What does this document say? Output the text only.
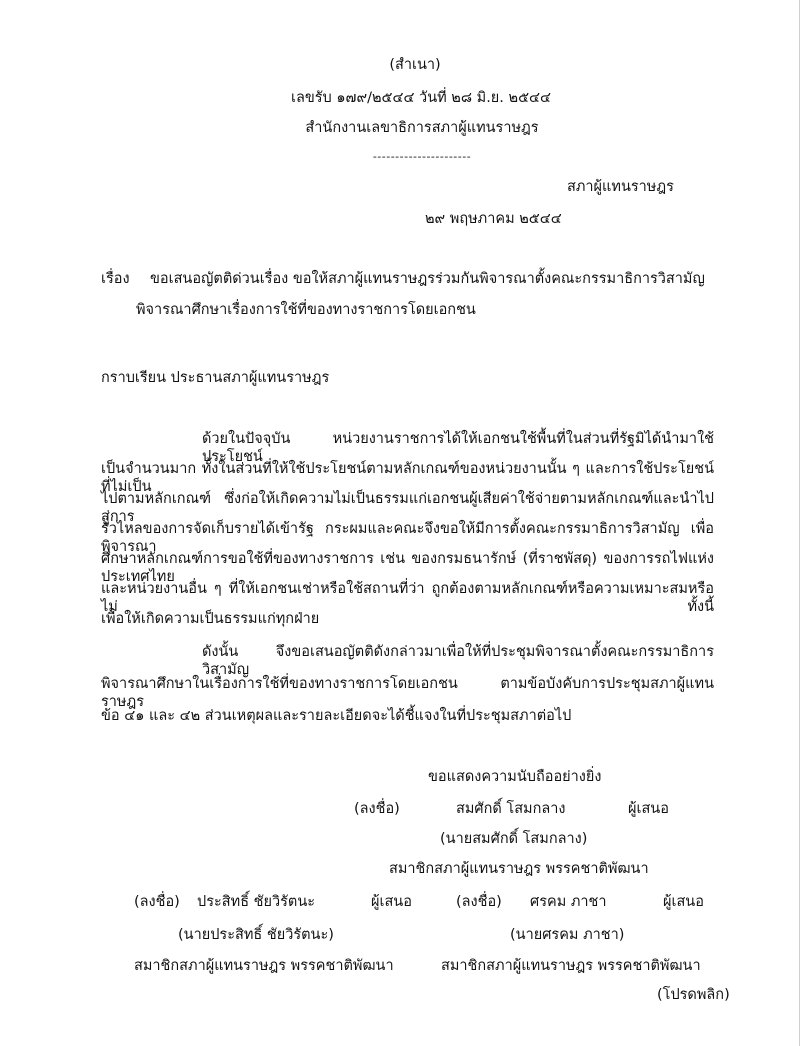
(สำเนา)
เลขรับ ๑๗๙/๒๕๔๔ วันที่ ๒๘ มิ.ย. ๒๕๔๔
สำนักงานเลขาธิการสภาผู้แทนราษฎร
----------------------
สภาผู้แทนราษฎร
๒๙ พฤษภาคม ๒๕๔๔
เรื่อง ขอเสนอญัตติด่วนเรื่อง ขอให้สภาผู้แทนราษฎรร่วมกันพิจารณาตั้งคณะกรรมาธิการวิสามัญ
พิจารณาศึกษาเรื่องการใช้ที่ของทางราชการโดยเอกชน
กราบเรียน ประธานสภาผู้แทนราษฎร
ด้วยในปัจจุบัน หน่วยงานราชการได้ให้เอกชนใช้พื้นที่ในส่วนที่รัฐมิได้นำมาใช้ประโยชน์
เป็นจำนวนมาก ทั้งในส่วนที่ให้ใช้ประโยชน์ตามหลักเกณฑ์ของหน่วยงานนั้น ๆ และการใช้ประโยชน์ที่ไม่เป็น
ไปตามหลักเกณฑ์ ซึ่งก่อให้เกิดความไม่เป็นธรรมแก่เอกชนผู้เสียค่าใช้จ่ายตามหลักเกณฑ์และนำไปสู่การ
รั่วไหลของการจัดเก็บรายได้เข้ารัฐ กระผมและคณะจึงขอให้มีการตั้งคณะกรรมาธิการวิสามัญ เพื่อพิจารณา
ศึกษาหลักเกณฑ์การขอใช้ที่ของทางราชการ เช่น ของกรมธนารักษ์ (ที่ราชพัสดุ) ของการรถไฟแห่งประเทศไทย
และหน่วยงานอื่น ๆ ที่ให้เอกชนเช่าหรือใช้สถานที่ว่า ถูกต้องตามหลักเกณฑ์หรือความเหมาะสมหรือไม่ ทั้งนี้
เพื่อให้เกิดความเป็นธรรมแก่ทุกฝ่าย
ดังนั้น จึงขอเสนอญัตติดังกล่าวมาเพื่อให้ที่ประชุมพิจารณาตั้งคณะกรรมาธิการวิสามัญ
พิจารณาศึกษาในเรื่องการใช้ที่ของทางราชการโดยเอกชน ตามข้อบังคับการประชุมสภาผู้แทนราษฎร
ข้อ ๔๑ และ ๔๒ ส่วนเหตุผลและรายละเอียดจะได้ชี้แจงในที่ประชุมสภาต่อไป
ขอแสดงความนับถืออย่างยิ่ง
(ลงชื่อ)	สมศักดิ์ โสมกลาง	ผู้เสนอ
(นายสมศักดิ์ โสมกลาง)
สมาชิกสภาผู้แทนราษฎร พรรคชาติพัฒนา
(ลงชื่อ) ประสิทธิ์ ชัยวิรัตนะ	ผู้เสนอ	(ลงชื่อ) ศรคม ภาชา	ผู้เสนอ
(นายประสิทธิ์ ชัยวิรัตนะ)	(นายศรคม ภาชา)
สมาชิกสภาผู้แทนราษฎร พรรคชาติพัฒนา	สมาชิกสภาผู้แทนราษฎร พรรคชาติพัฒนา
(โปรดพลิก)
